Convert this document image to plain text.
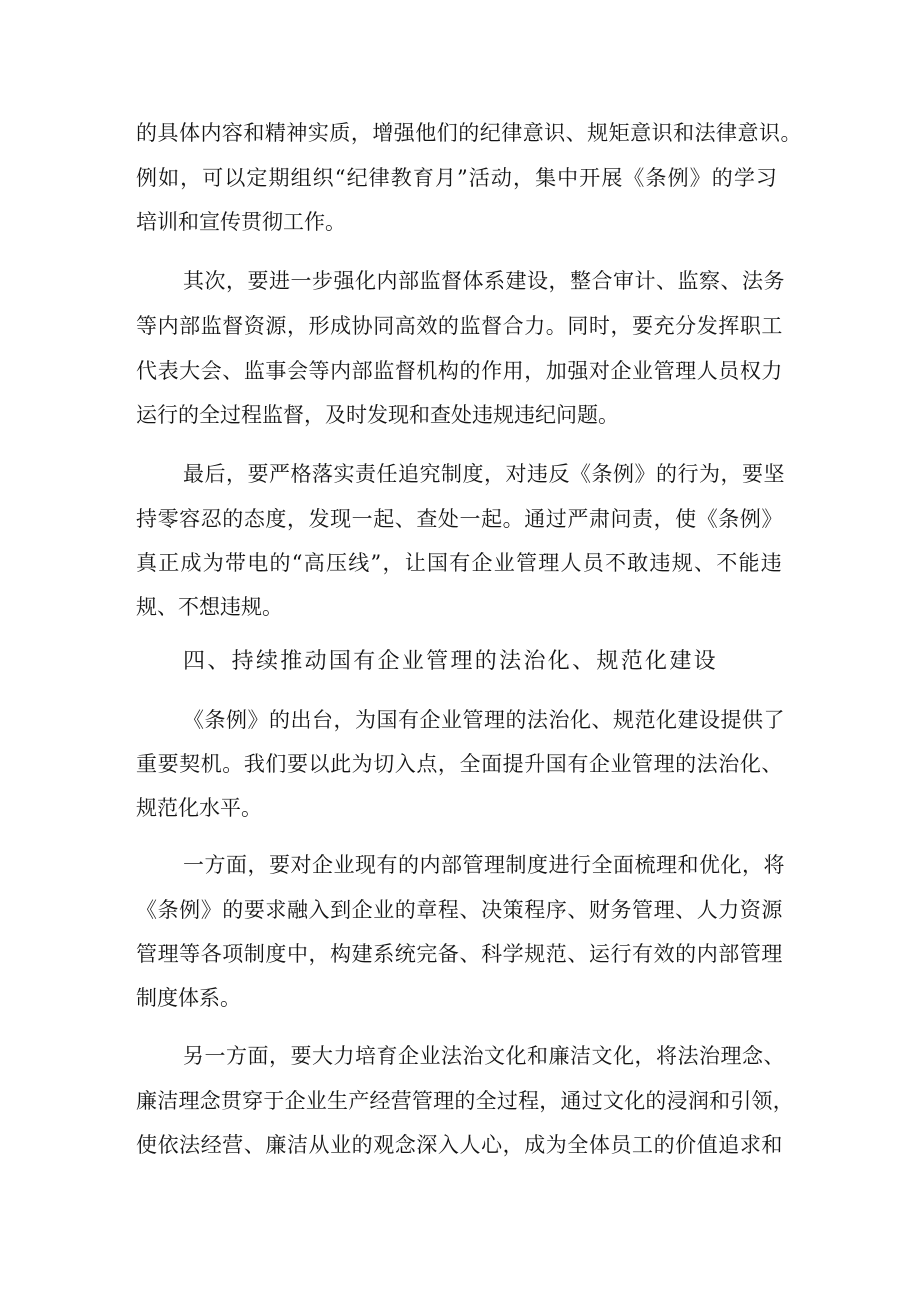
的具体内容和精神实质，增强他们的纪律意识、规矩意识和法律意识。

例如，可以定期组织“纪律教育月”活动，集中开展《条例》的学习

培训和宣传贯彻工作。

其次，要进一步强化内部监督体系建设，整合审计、监察、法务

等内部监督资源，形成协同高效的监督合力。同时，要充分发挥职工

代表大会、监事会等内部监督机构的作用，加强对企业管理人员权力

运行的全过程监督，及时发现和查处违规违纪问题。

最后，要严格落实责任追究制度，对违反《条例》的行为，要坚

持零容忍的态度，发现一起、查处一起。通过严肃问责，使《条例》

真正成为带电的“高压线”，让国有企业管理人员不敢违规、不能违

规、不想违规。

四、持续推动国有企业管理的法治化、规范化建设

《条例》的出台，为国有企业管理的法治化、规范化建设提供了

重要契机。我们要以此为切入点，全面提升国有企业管理的法治化、

规范化水平。

一方面，要对企业现有的内部管理制度进行全面梳理和优化，将

《条例》的要求融入到企业的章程、决策程序、财务管理、人力资源

管理等各项制度中，构建系统完备、科学规范、运行有效的内部管理

制度体系。

另一方面，要大力培育企业法治文化和廉洁文化，将法治理念、

廉洁理念贯穿于企业生产经营管理的全过程，通过文化的浸润和引领，

使依法经营、廉洁从业的观念深入人心，成为全体员工的价值追求和
